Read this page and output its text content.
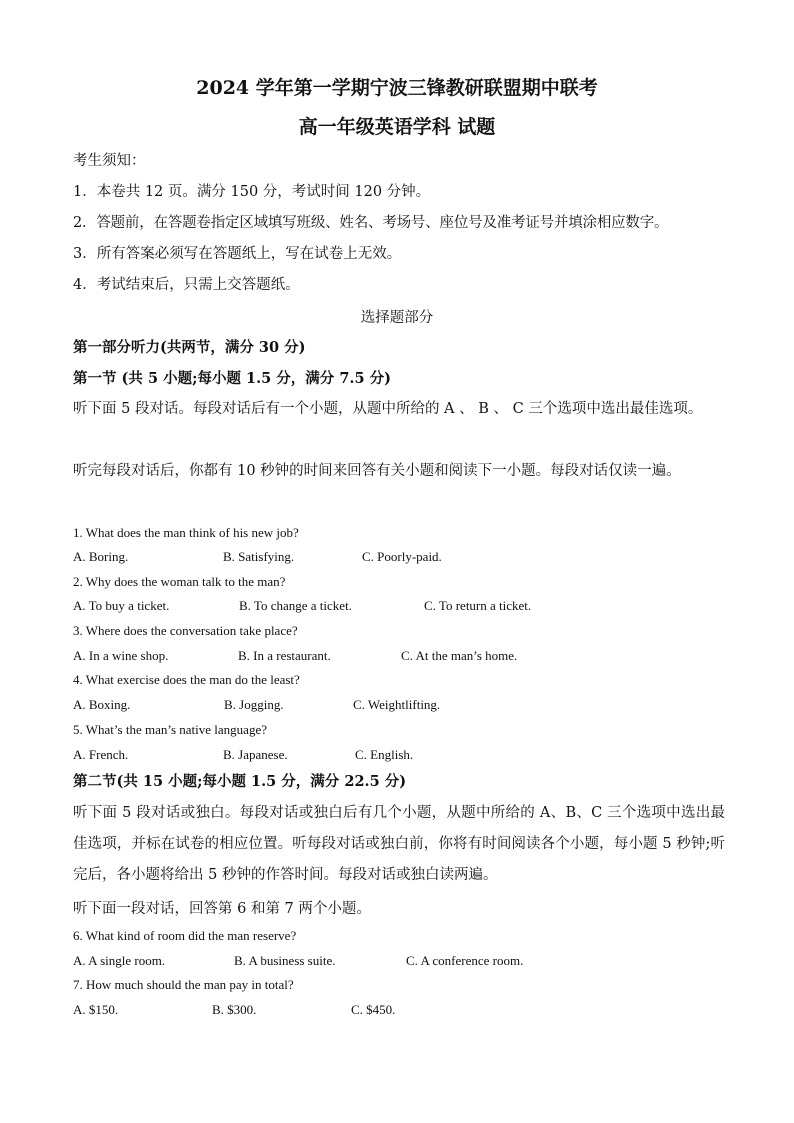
2024 学年第一学期宁波三锋教研联盟期中联考
高一年级英语学科 试题
考生须知：
1．本卷共 12 页。满分 150 分，考试时间 120 分钟。
2．答题前，在答题卷指定区域填写班级、姓名、考场号、座位号及准考证号并填涂相应数字。
3．所有答案必须写在答题纸上，写在试卷上无效。
4．考试结束后，只需上交答题纸。
选择题部分
第一部分听力(共两节，满分 30 分)
第一节 (共 5 小题;每小题 1.5 分，满分 7.5 分)
听下面 5 段对话。每段对话后有一个小题，从题中所给的 A 、 B 、 C 三个选项中选出最佳选项。
听完每段对话后，你都有 10 秒钟的时间来回答有关小题和阅读下一小题。每段对话仅读一遍。
1. What does the man think of his new job?
A. Boring.	B. Satisfying.	C. Poorly-paid.
2. Why does the woman talk to the man?
A. To buy a ticket.	B. To change a ticket.	C. To return a ticket.
3. Where does the conversation take place?
A. In a wine shop.	B. In a restaurant.	C. At the man’s home.
4. What exercise does the man do the least?
A. Boxing.	B. Jogging.	C. Weightlifting.
5. What’s the man’s native language?
A. French.	B. Japanese.	C. English.
第二节(共 15 小题;每小题 1.5 分，满分 22.5 分)
听下面 5 段对话或独白。每段对话或独白后有几个小题，从题中所给的 A、B、C 三个选项中选出最佳选项，并标在试卷的相应位置。听每段对话或独白前，你将有时间阅读各个小题，每小题 5 秒钟;听完后，各小题将给出 5 秒钟的作答时间。每段对话或独白读两遍。
听下面一段对话，回答第 6 和第 7 两个小题。
6. What kind of room did the man reserve?
A. A single room.	B. A business suite.	C. A conference room.
7. How much should the man pay in total?
A. $150.	B. $300.	C. $450.
